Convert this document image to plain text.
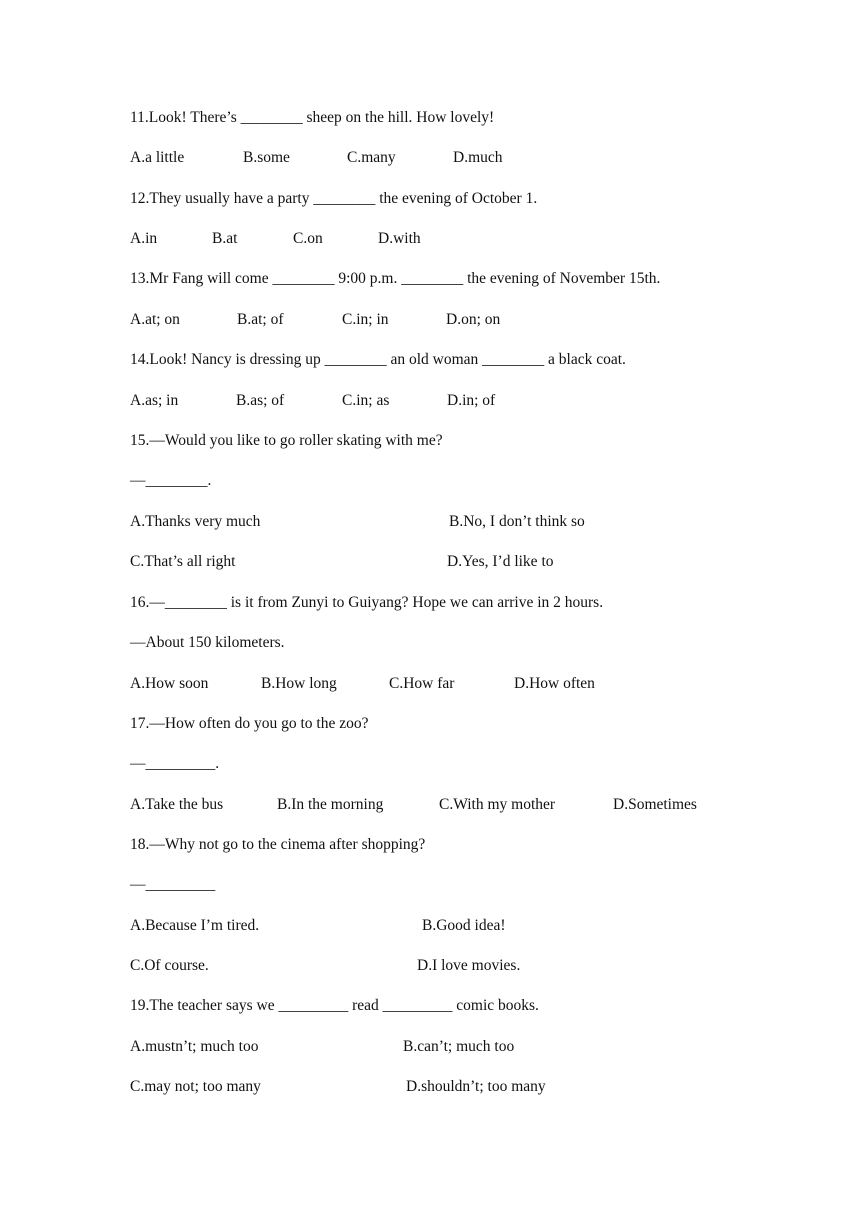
11.Look! There’s ________ sheep on the hill. How lovely!

A.a little

	B.some

	C.many

	D.much

12.They usually have a party ________ the evening of October 1.

A.in

	B.at

	C.on

	D.with

13.Mr Fang will come ________ 9:00 p.m. ________ the evening of November 15th.

A.at; on

	B.at; of

	C.in; in

	D.on; on

14.Look! Nancy is dressing up ________ an old woman ________ a black coat.

A.as; in

	B.as; of

	C.in; as

	D.in; of

15.—Would you like to go roller skating with me?
—________.

A.Thanks very much

	B.No, I don’t think so

C.That’s all right

	D.Yes, I’d like to

16.—________ is it from Zunyi to Guiyang? Hope we can arrive in 2 hours.
—About 150 kilometers.

A.How soon

	B.How long

	C.How far

	D.How often

17.—How often do you go to the zoo?
—_________.

A.Take the bus

	B.In the morning

	C.With my mother

	D.Sometimes

18.—Why not go to the cinema after shopping?
—_________

A.Because I’m tired.

	B.Good idea!

C.Of course.

	D.I love movies.

19.The teacher says we _________ read _________ comic books.

A.mustn’t; much too

	B.can’t; much too

C.may not; too many

	D.shouldn’t; too many
